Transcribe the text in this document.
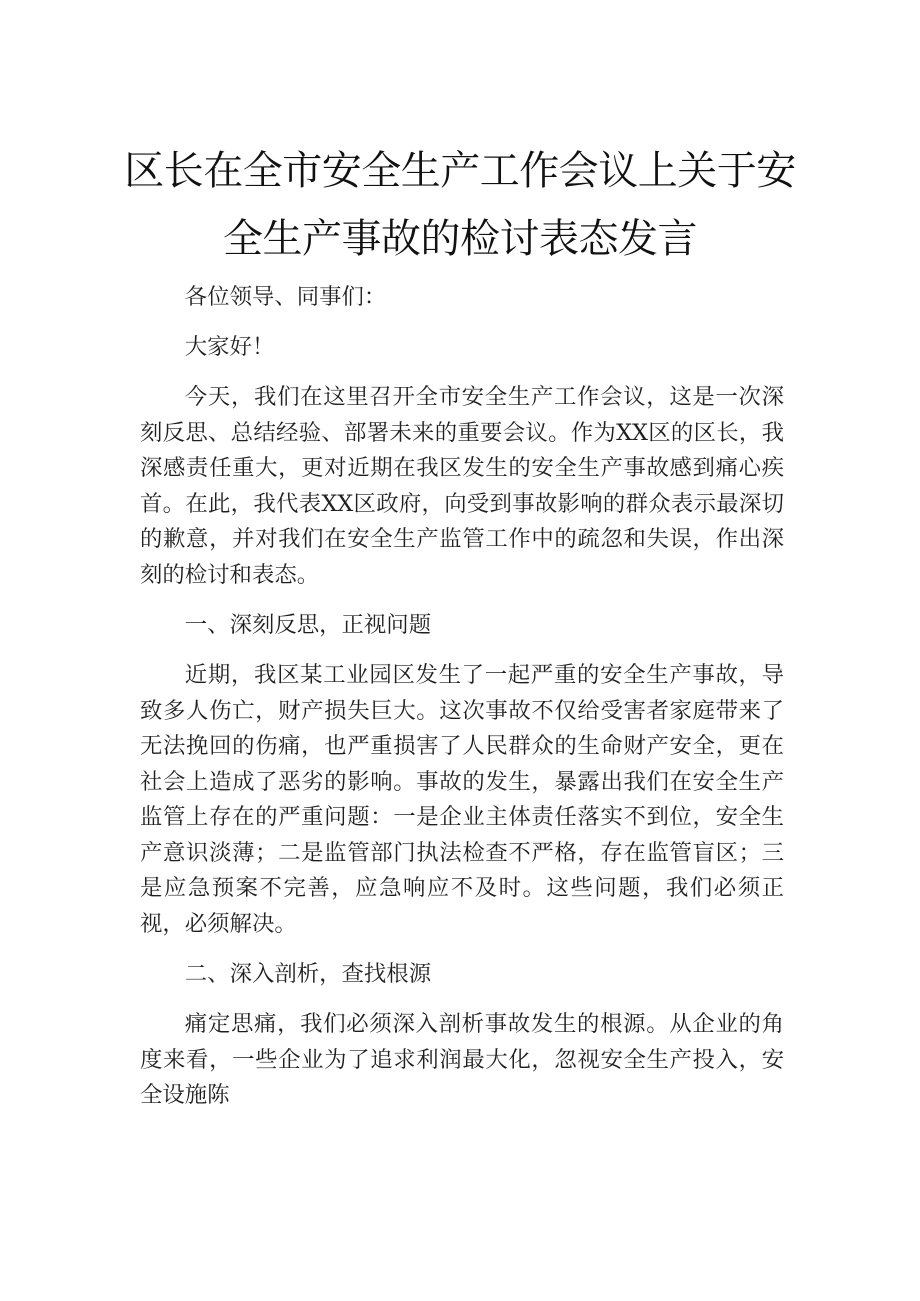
区长在全市安全生产工作会议上关于安全生产事故的检讨表态发言

各位领导、同事们：

大家好！

今天，我们在这里召开全市安全生产工作会议，这是一次深刻反思、总结经验、部署未来的重要会议。作为XX区的区长，我深感责任重大，更对近期在我区发生的安全生产事故感到痛心疾首。在此，我代表XX区政府，向受到事故影响的群众表示最深切的歉意，并对我们在安全生产监管工作中的疏忽和失误，作出深刻的检讨和表态。

一、深刻反思，正视问题

近期，我区某工业园区发生了一起严重的安全生产事故，导致多人伤亡，财产损失巨大。这次事故不仅给受害者家庭带来了无法挽回的伤痛，也严重损害了人民群众的生命财产安全，更在社会上造成了恶劣的影响。事故的发生，暴露出我们在安全生产监管上存在的严重问题：一是企业主体责任落实不到位，安全生产意识淡薄；二是监管部门执法检查不严格，存在监管盲区；三是应急预案不完善，应急响应不及时。这些问题，我们必须正视，必须解决。

二、深入剖析，查找根源

痛定思痛，我们必须深入剖析事故发生的根源。从企业的角度来看，一些企业为了追求利润最大化，忽视安全生产投入，安全设施陈
